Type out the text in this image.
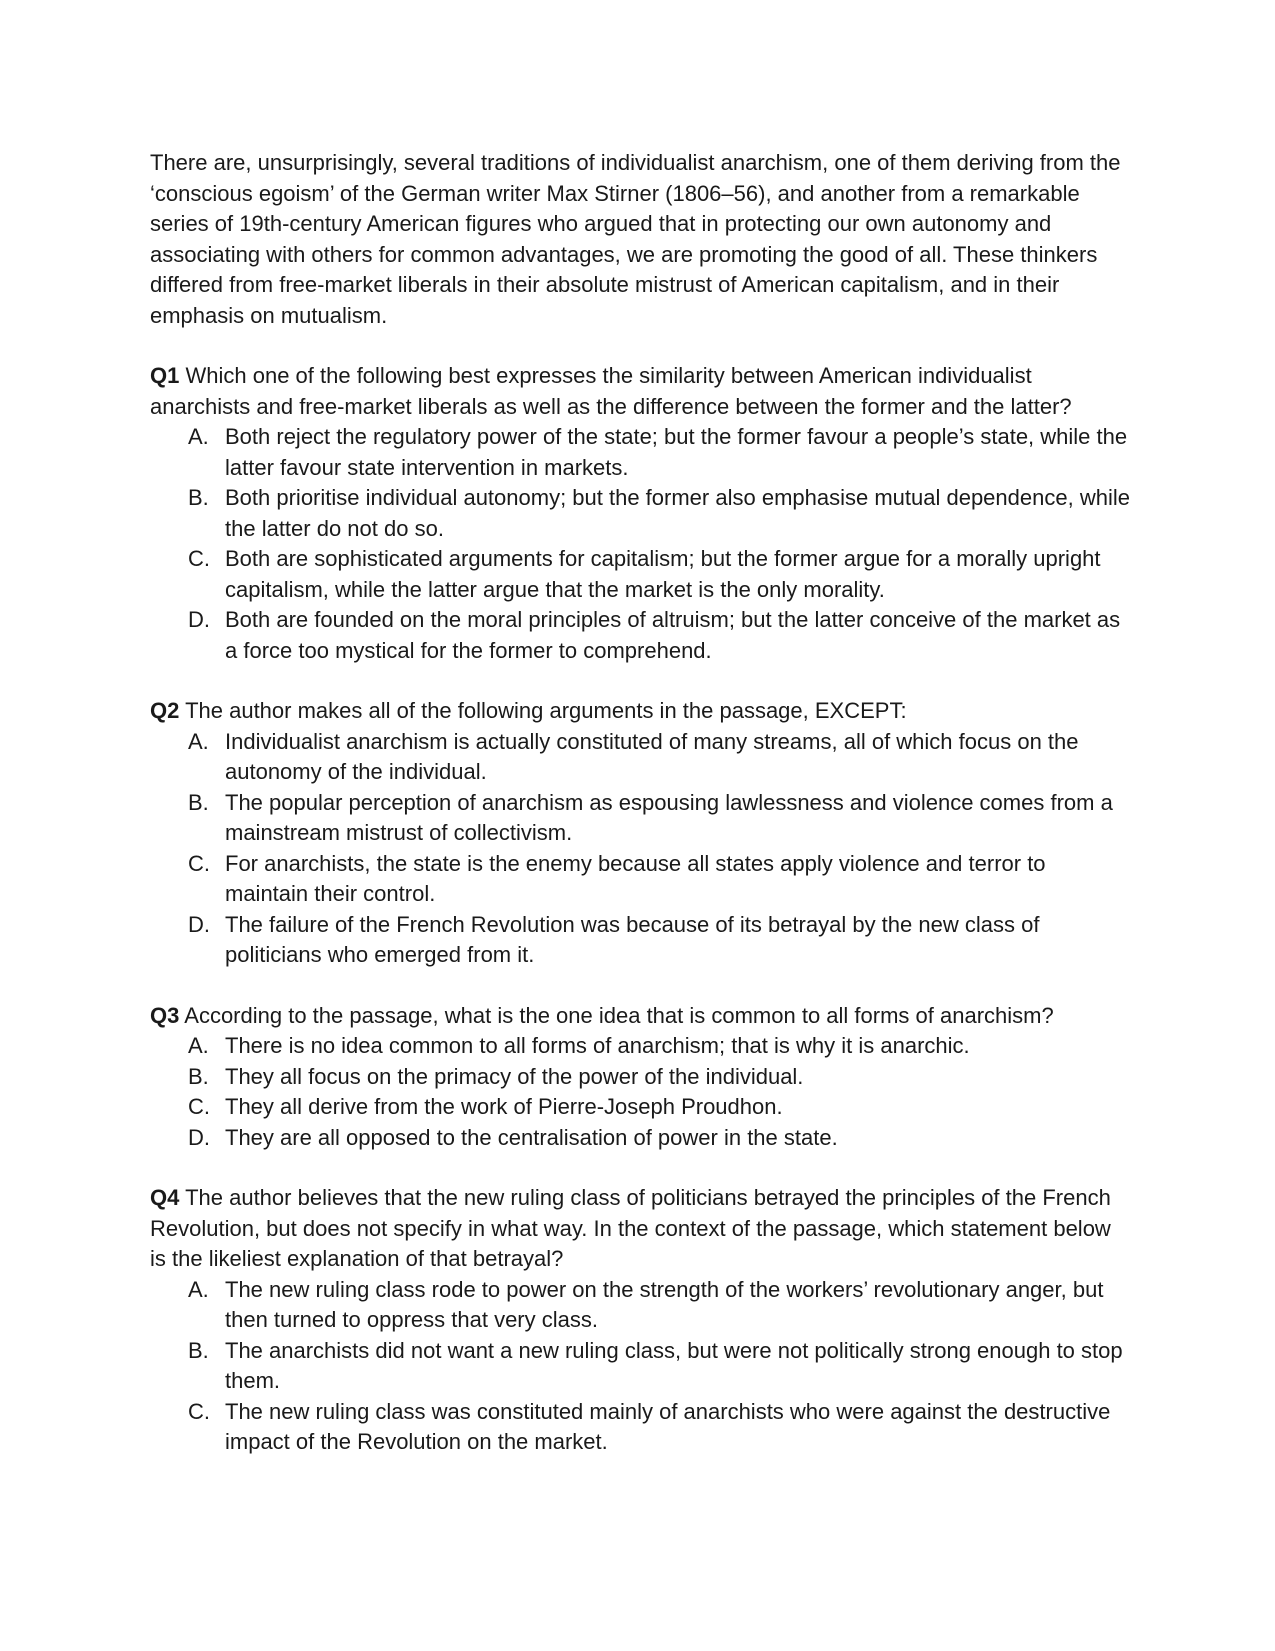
There are, unsurprisingly, several traditions of individualist anarchism, one of them deriving from the ‘conscious egoism’ of the German writer Max Stirner (1806–56), and another from a remarkable series of 19th-century American figures who argued that in protecting our own autonomy and associating with others for common advantages, we are promoting the good of all. These thinkers differed from free-market liberals in their absolute mistrust of American capitalism, and in their emphasis on mutualism.

Q1 Which one of the following best expresses the similarity between American individualist anarchists and free-market liberals as well as the difference between the former and the latter?

A. Both reject the regulatory power of the state; but the former favour a people’s state, while the latter favour state intervention in markets.
B. Both prioritise individual autonomy; but the former also emphasise mutual dependence, while the latter do not do so.
C. Both are sophisticated arguments for capitalism; but the former argue for a morally upright capitalism, while the latter argue that the market is the only morality.
D. Both are founded on the moral principles of altruism; but the latter conceive of the market as a force too mystical for the former to comprehend.

Q2 The author makes all of the following arguments in the passage, EXCEPT:

A. Individualist anarchism is actually constituted of many streams, all of which focus on the autonomy of the individual.
B. The popular perception of anarchism as espousing lawlessness and violence comes from a mainstream mistrust of collectivism.
C. For anarchists, the state is the enemy because all states apply violence and terror to maintain their control.
D. The failure of the French Revolution was because of its betrayal by the new class of politicians who emerged from it.

Q3 According to the passage, what is the one idea that is common to all forms of anarchism?

A. There is no idea common to all forms of anarchism; that is why it is anarchic.
B. They all focus on the primacy of the power of the individual.
C. They all derive from the work of Pierre-Joseph Proudhon.
D. They are all opposed to the centralisation of power in the state.

Q4 The author believes that the new ruling class of politicians betrayed the principles of the French Revolution, but does not specify in what way. In the context of the passage, which statement below is the likeliest explanation of that betrayal?

A. The new ruling class rode to power on the strength of the workers’ revolutionary anger, but then turned to oppress that very class.
B. The anarchists did not want a new ruling class, but were not politically strong enough to stop them.
C. The new ruling class was constituted mainly of anarchists who were against the destructive impact of the Revolution on the market.
